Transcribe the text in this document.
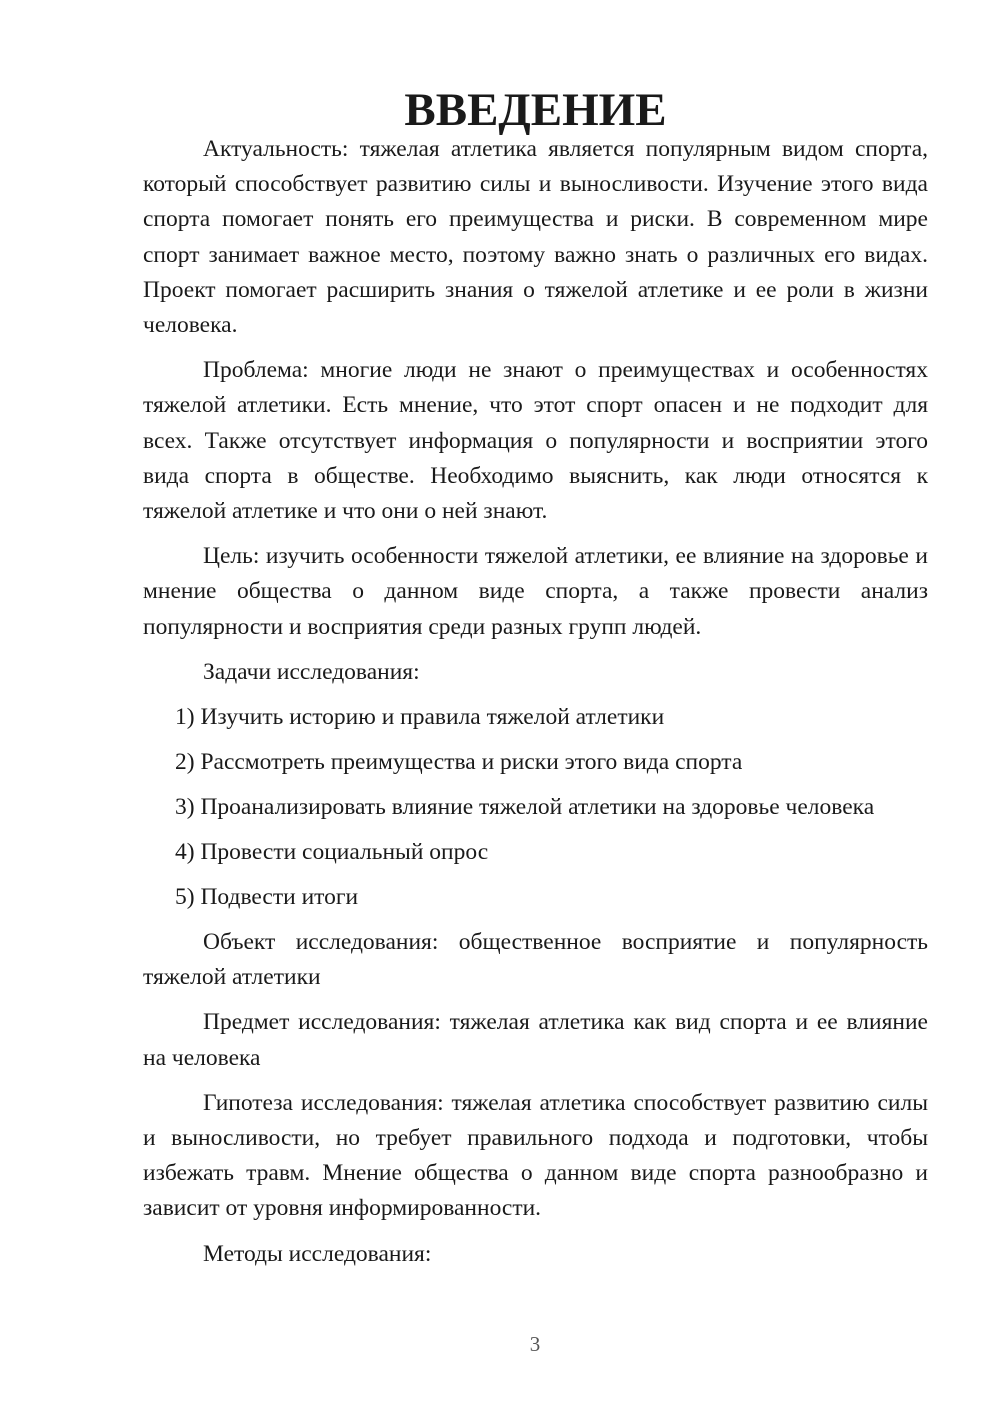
ВВЕДЕНИЕ

Актуальность: тяжелая атлетика является популярным видом спорта, который способствует развитию силы и выносливости. Изучение этого вида спорта помогает понять его преимущества и риски. В современном мире спорт занимает важное место, поэтому важно знать о различных его видах. Проект помогает расширить знания о тяжелой атлетике и ее роли в жизни человека.

Проблема: многие люди не знают о преимуществах и особенностях тяжелой атлетики. Есть мнение, что этот спорт опасен и не подходит для всех. Также отсутствует информация о популярности и восприятии этого вида спорта в обществе. Необходимо выяснить, как люди относятся к тяжелой атлетике и что они о ней знают.

Цель: изучить особенности тяжелой атлетики, ее влияние на здоровье и мнение общества о данном виде спорта, а также провести анализ популярности и восприятия среди разных групп людей.

Задачи исследования:

1) Изучить историю и правила тяжелой атлетики
2) Рассмотреть преимущества и риски этого вида спорта
3) Проанализировать влияние тяжелой атлетики на здоровье человека
4) Провести социальный опрос
5) Подвести итоги

Объект исследования: общественное восприятие и популярность тяжелой атлетики

Предмет исследования: тяжелая атлетика как вид спорта и ее влияние на человека

Гипотеза исследования: тяжелая атлетика способствует развитию силы и выносливости, но требует правильного подхода и подготовки, чтобы избежать травм. Мнение общества о данном виде спорта разнообразно и зависит от уровня информированности.

Методы исследования:

3
